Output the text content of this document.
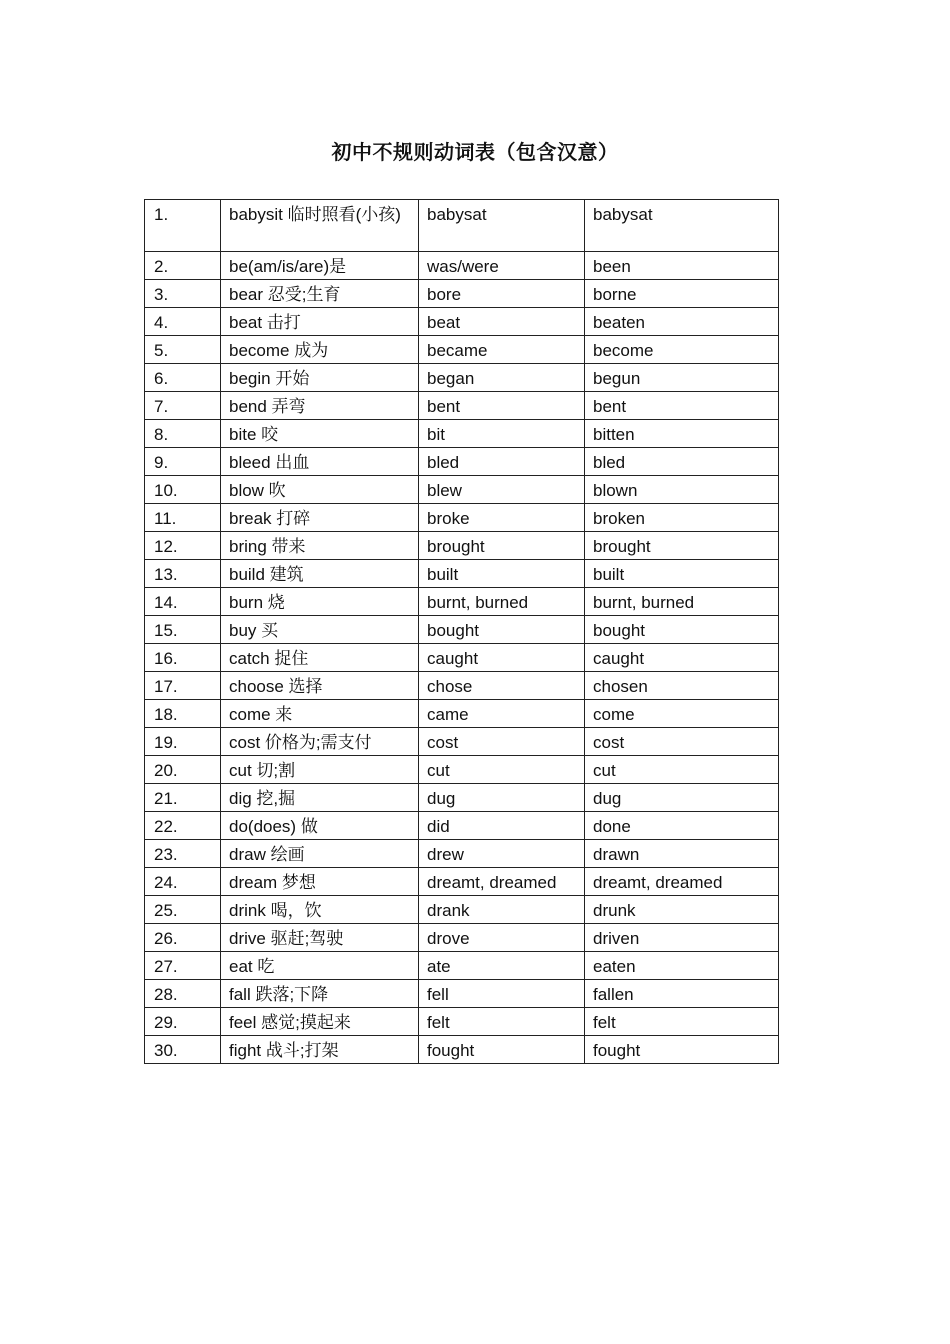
初中不规则动词表（包含汉意）
1.	babysit 临时照看(小孩)	babysat	babysat
2.	be(am/is/are)是	was/were	been
3.	bear 忍受;生育	bore	borne
4.	beat 击打	beat	beaten
5.	become 成为	became	become
6.	begin 开始	began	begun
7.	bend 弄弯	bent	bent
8.	bite 咬	bit	bitten
9.	bleed 出血	bled	bled
10.	blow 吹	blew	blown
11.	break 打碎	broke	broken
12.	bring 带来	brought	brought
13.	build 建筑	built	built
14.	burn 烧	burnt, burned	burnt, burned
15.	buy 买	bought	bought
16.	catch 捉住	caught	caught
17.	choose 选择	chose	chosen
18.	come 来	came	come
19.	cost 价格为;需支付	cost	cost
20.	cut 切;割	cut	cut
21.	dig 挖,掘	dug	dug
22.	do(does) 做	did	done
23.	draw 绘画	drew	drawn
24.	dream 梦想	dreamt, dreamed	dreamt, dreamed
25.	drink 喝，饮	drank	drunk
26.	drive 驱赶;驾驶	drove	driven
27.	eat 吃	ate	eaten
28.	fall 跌落;下降	fell	fallen
29.	feel 感觉;摸起来	felt	felt
30.	fight 战斗;打架	fought	fought
